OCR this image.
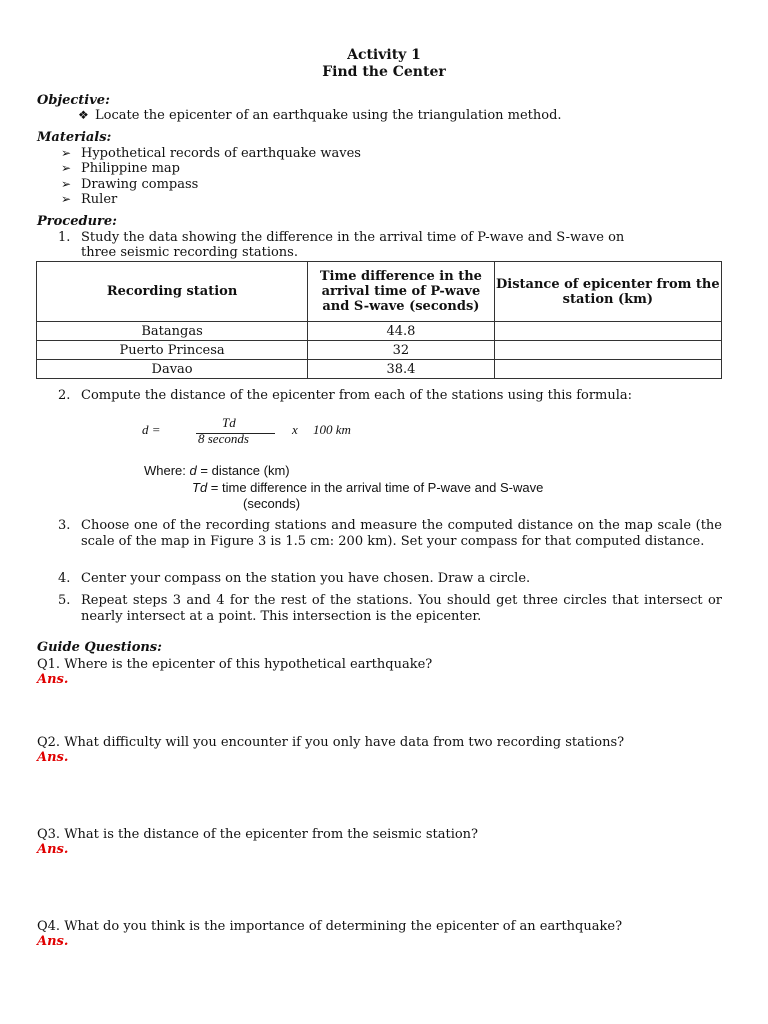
Activity 1
Find the Center
Objective:
❖ Locate the epicenter of an earthquake using the triangulation method.
Materials:
➢ Hypothetical records of earthquake waves
➢ Philippine map
➢ Drawing compass
➢ Ruler
Procedure:
1. Study the data showing the difference in the arrival time of P-wave and S-wave on
three seismic recording stations.
Recording station	Time difference in the arrival time of P-wave and S-wave (seconds)	Distance of epicenter from the station (km)
Batangas	44.8	
Puerto Princesa	32	
Davao	38.4	
2. Compute the distance of the epicenter from each of the stations using this formula:
d =	Td
8 seconds
x 100 km
Where: d = distance (km)
Td = time difference in the arrival time of P-wave and S-wave
(seconds)
3. Choose one of the recording stations and measure the computed distance on the map scale (the scale of the map in Figure 3 is 1.5 cm: 200 km). Set your compass for that computed distance.
4. Center your compass on the station you have chosen. Draw a circle.
5. Repeat steps 3 and 4 for the rest of the stations. You should get three circles that intersect or nearly intersect at a point. This intersection is the epicenter.
Guide Questions:
Q1. Where is the epicenter of this hypothetical earthquake?
Ans.
Q2. What difficulty will you encounter if you only have data from two recording stations?
Ans.
Q3. What is the distance of the epicenter from the seismic station?
Ans.
Q4. What do you think is the importance of determining the epicenter of an earthquake?
Ans.
